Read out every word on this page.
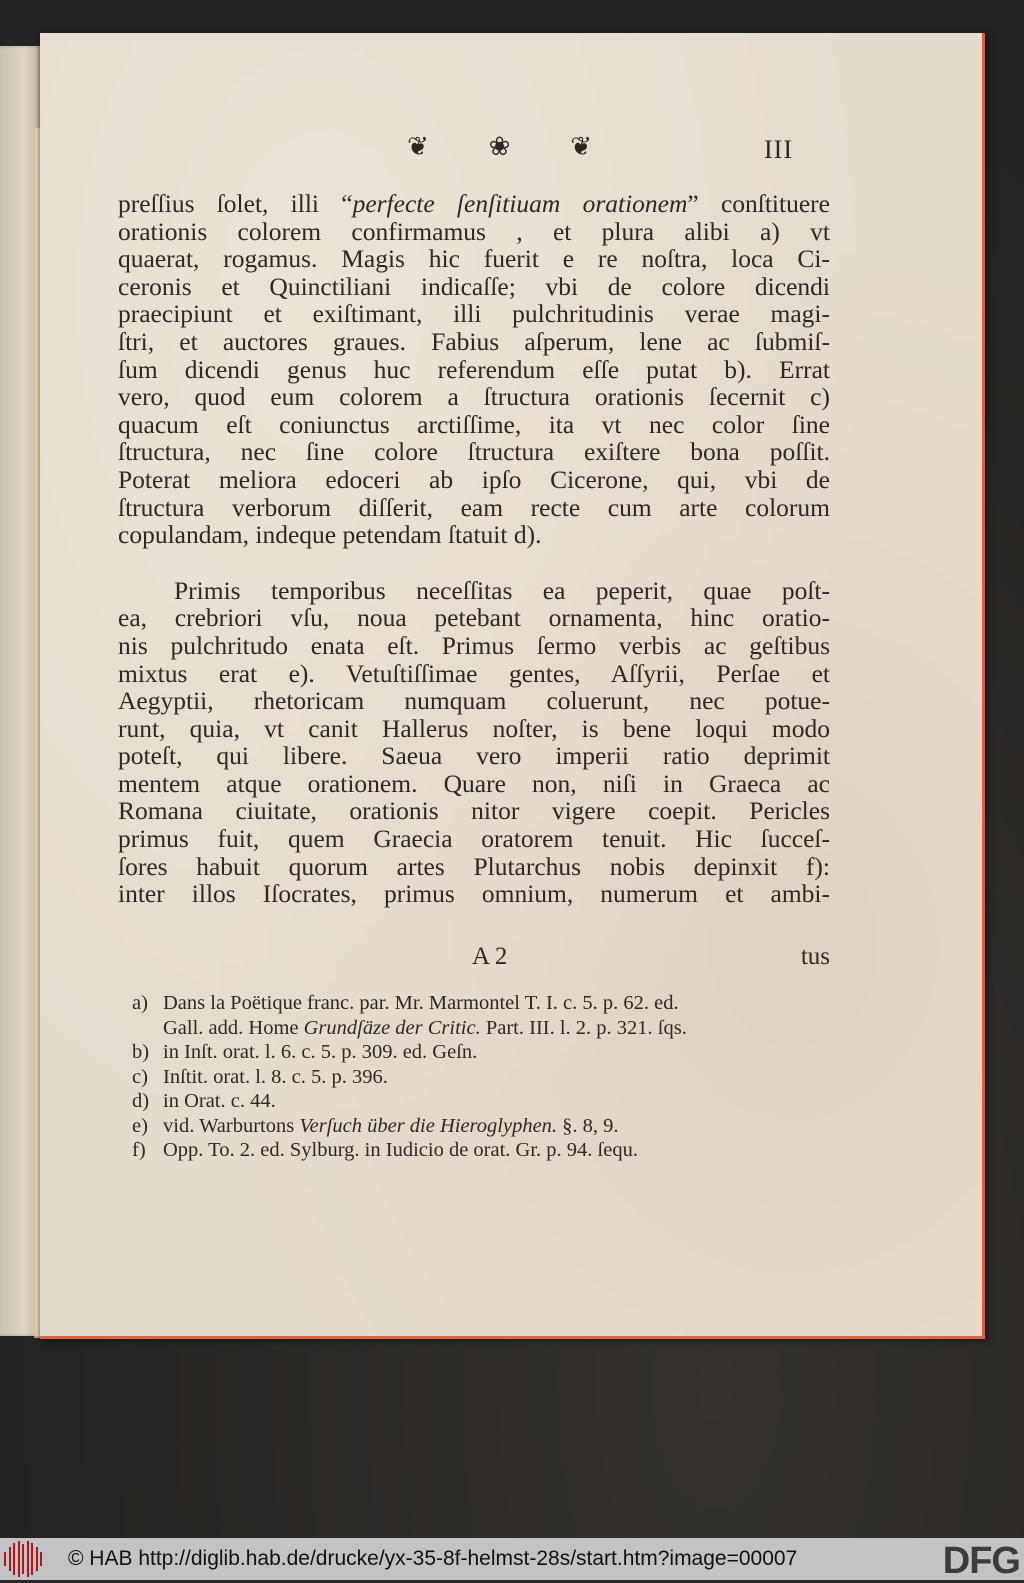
❦ ❀ ❦	III
preſſius ſolet, illi “perfecte ſenſitiuam orationem” conſtituere
orationis colorem confirmamus , et plura alibi a) vt
quaerat, rogamus. Magis hic fuerit e re noſtra, loca Ci-
ceronis et Quinctiliani indicaſſe; vbi de colore dicendi
praecipiunt et exiſtimant, illi pulchritudinis verae magi-
ſtri, et auctores graues. Fabius aſperum, lene ac ſubmiſ-
ſum dicendi genus huc referendum eſſe putat b). Errat
vero, quod eum colorem a ſtructura orationis ſecernit c)
quacum eſt coniunctus arctiſſime, ita vt nec color ſine
ſtructura, nec ſine colore ſtructura exiſtere bona poſſit.
Poterat meliora edoceri ab ipſo Cicerone, qui, vbi de
ſtructura verborum diſſerit, eam recte cum arte colorum
copulandam, indeque petendam ſtatuit d).
Primis temporibus neceſſitas ea peperit, quae poſt-
ea, crebriori vſu, noua petebant ornamenta, hinc oratio-
nis pulchritudo enata eſt. Primus ſermo verbis ac geſtibus
mixtus erat e). Vetuſtiſſimae gentes, Aſſyrii, Perſae et
Aegyptii, rhetoricam numquam coluerunt, nec potue-
runt, quia, vt canit Hallerus noſter, is bene loqui modo
poteſt, qui libere. Saeua vero imperii ratio deprimit
mentem atque orationem. Quare non, niſi in Graeca ac
Romana ciuitate, orationis nitor vigere coepit. Pericles
primus fuit, quem Graecia oratorem tenuit. Hic ſucceſ-
ſores habuit quorum artes Plutarchus nobis depinxit f):
inter illos Iſocrates, primus omnium, numerum et ambi-
A 2	tus
a) Dans la Poëtique franc. par. Mr. Marmontel T. I. c. 5. p. 62. ed.
Gall. add. Home Grundſäze der Critic. Part. III. l. 2. p. 321. ſqs.
b) in Inſt. orat. l. 6. c. 5. p. 309. ed. Geſn.
c) Inſtit. orat. l. 8. c. 5. p. 396.
d) in Orat. c. 44.
e) vid. Warburtons Verſuch über die Hieroglyphen. §. 8, 9.
f) Opp. To. 2. ed. Sylburg. in Iudicio de orat. Gr. p. 94. ſequ.
© HAB http://diglib.hab.de/drucke/yx-35-8f-helmst-28s/start.htm?image=00007	DFG
